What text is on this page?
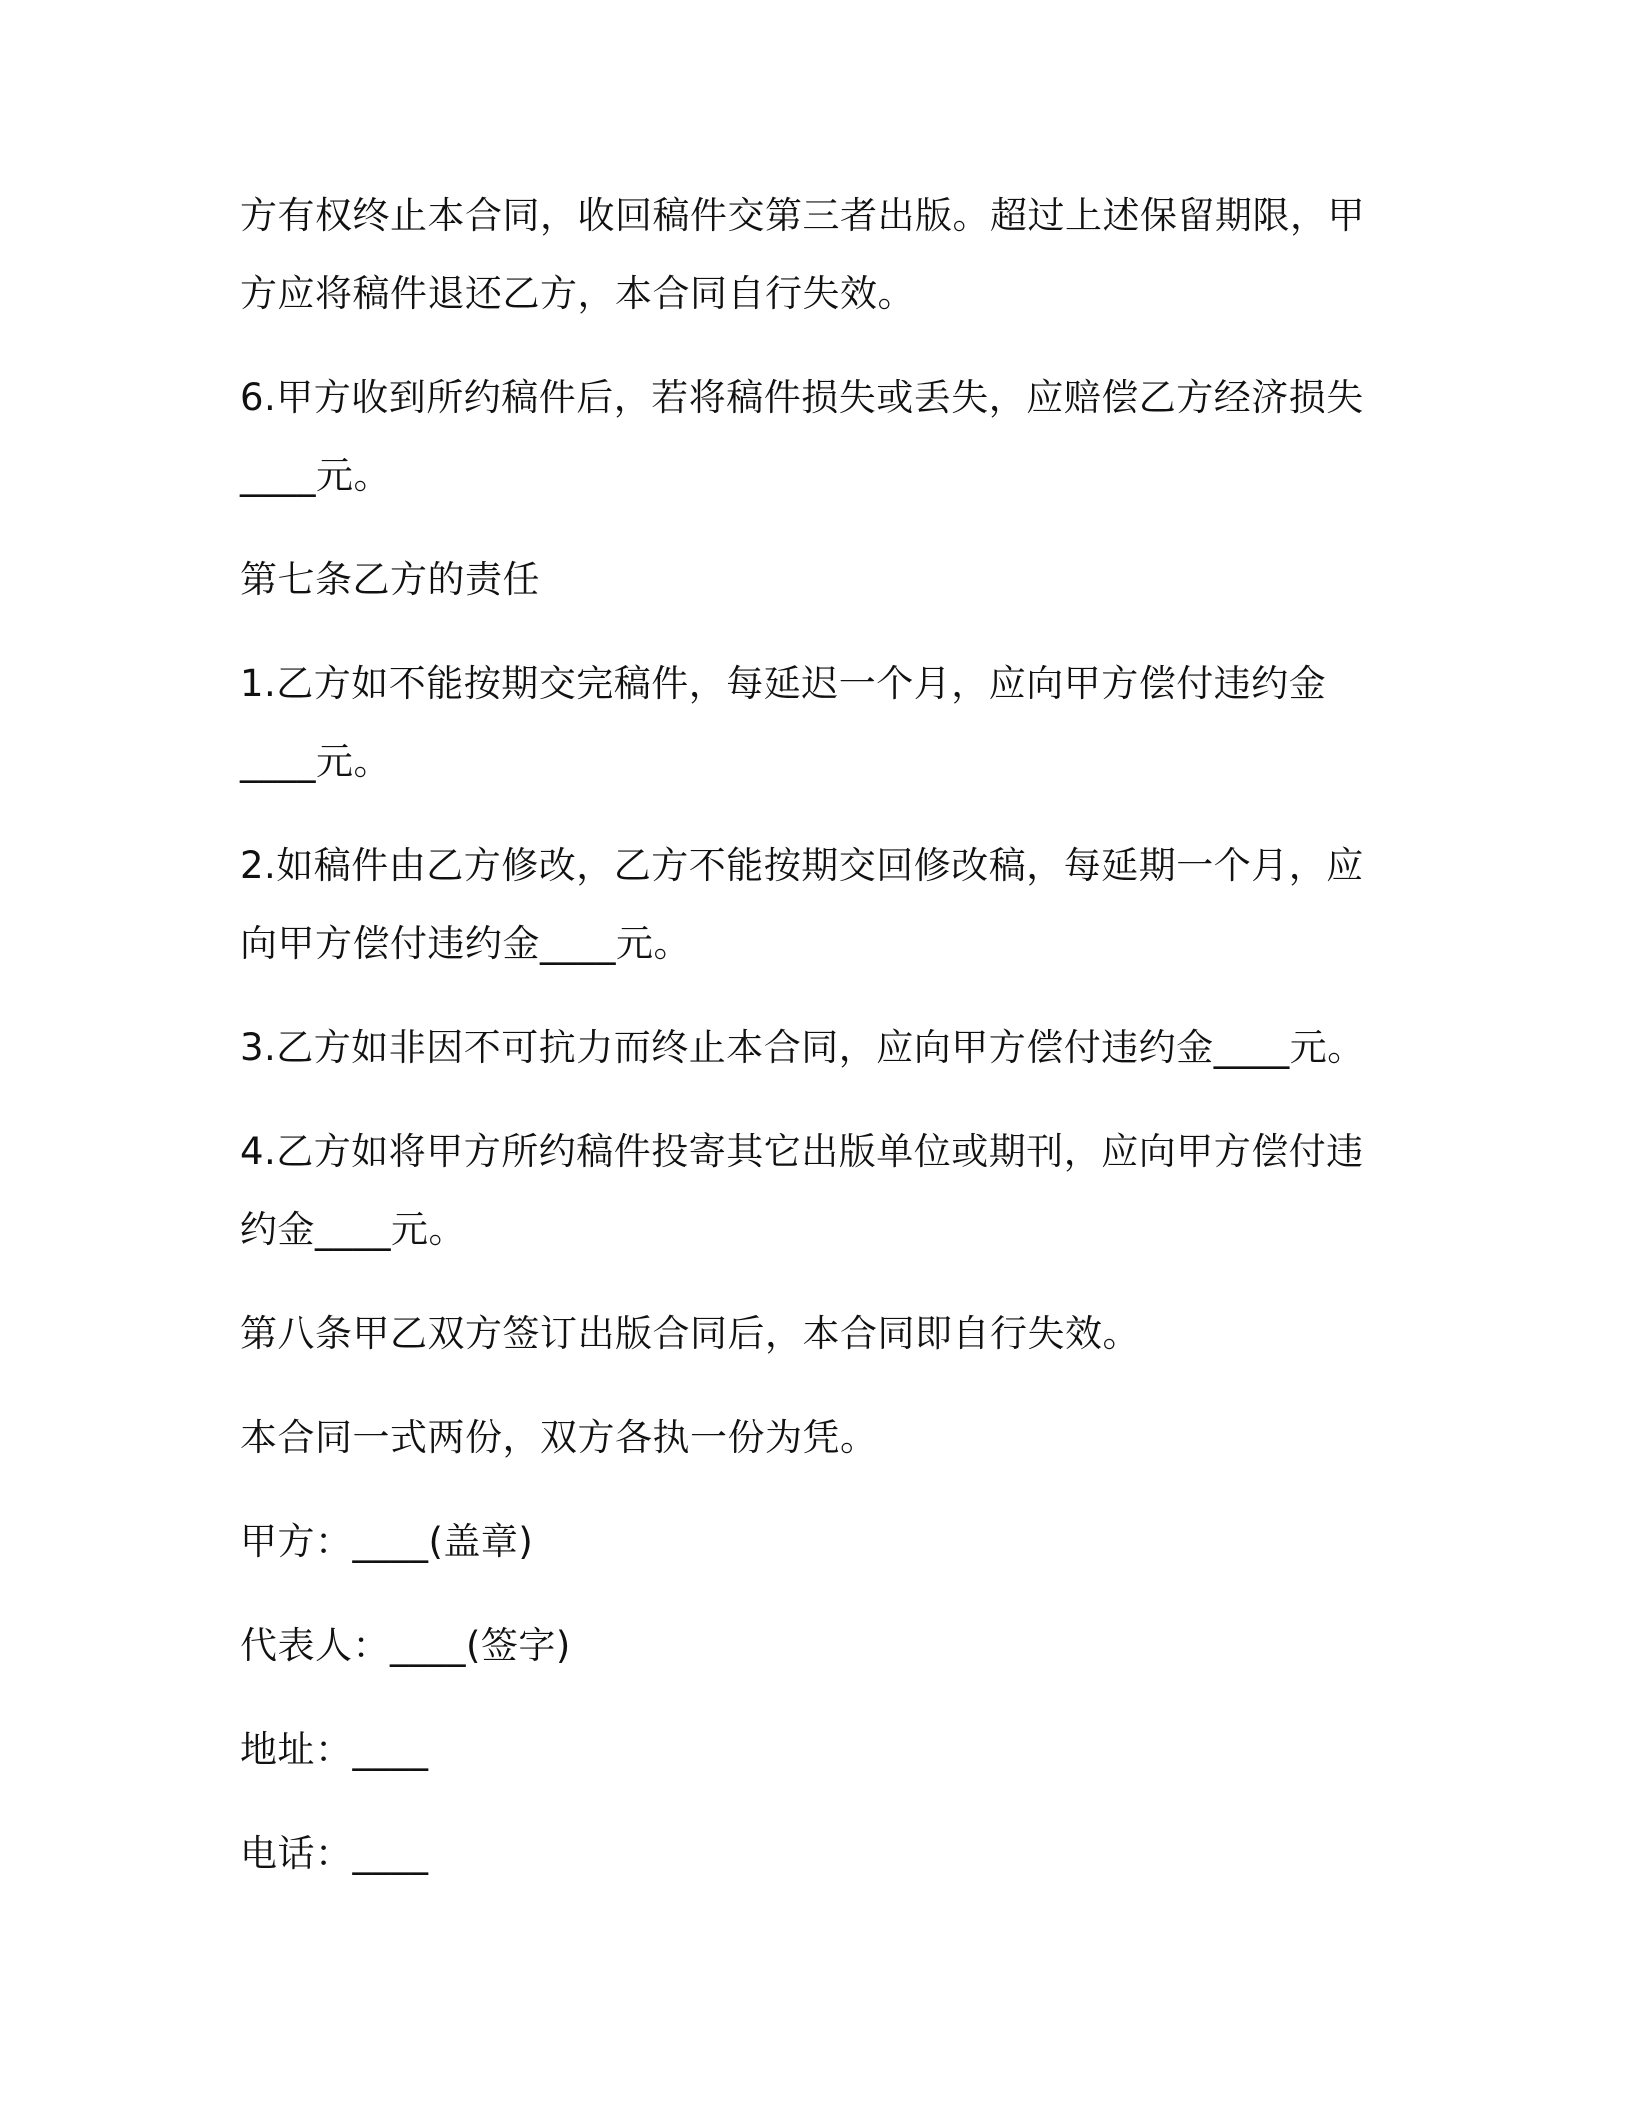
方有权终止本合同，收回稿件交第三者出版。超过上述保留期限，甲
方应将稿件退还乙方，本合同自行失效。
6.甲方收到所约稿件后，若将稿件损失或丢失，应赔偿乙方经济损失
____元。
第七条乙方的责任
1.乙方如不能按期交完稿件，每延迟一个月，应向甲方偿付违约金
____元。
2.如稿件由乙方修改，乙方不能按期交回修改稿，每延期一个月，应
向甲方偿付违约金____元。
3.乙方如非因不可抗力而终止本合同，应向甲方偿付违约金____元。
4.乙方如将甲方所约稿件投寄其它出版单位或期刊，应向甲方偿付违
约金____元。
第八条甲乙双方签订出版合同后，本合同即自行失效。
本合同一式两份，双方各执一份为凭。
甲方：____(盖章)
代表人：____(签字)
地址：____
电话：____
